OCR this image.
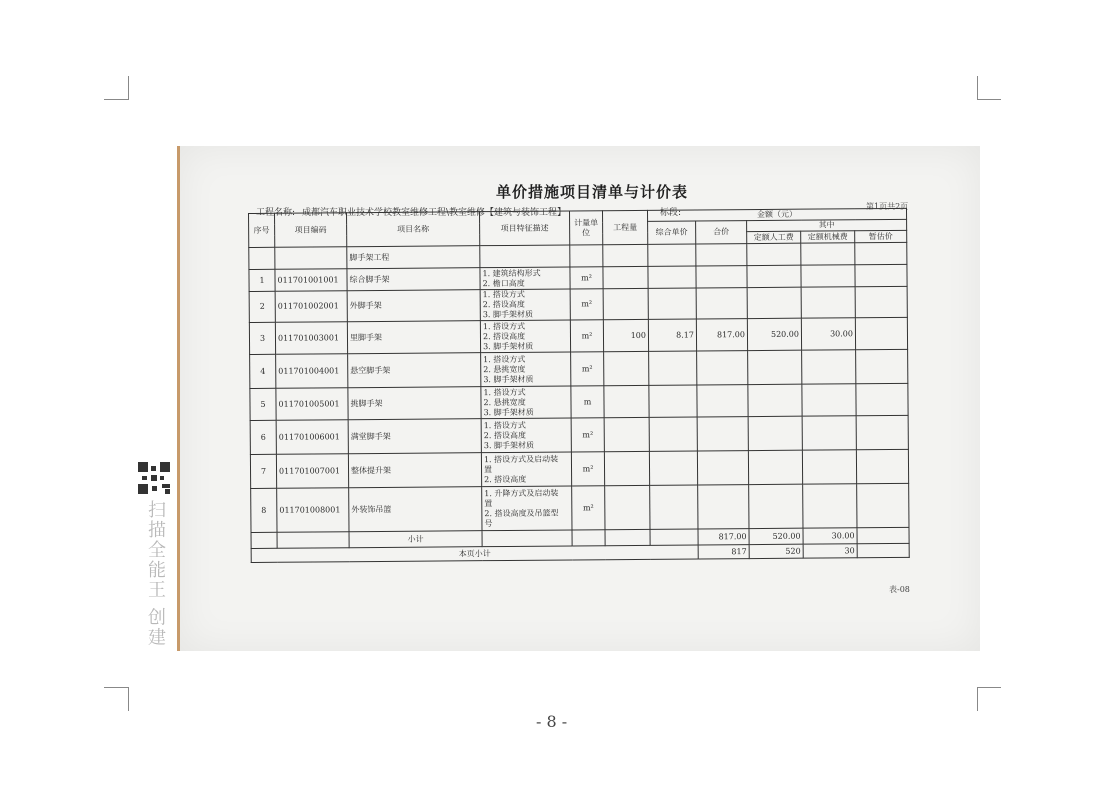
单价措施项目清单与计价表
工程名称: 成都汽车职业技术学校教室维修工程\教室维修【建筑与装饰工程】	标段:
第1页共2页
序号	项目编码	项目名称	项目特征描述	计量单位	工程量	金额（元）				
						综合单价	合价	其中		
								定额人工费	定额机械费	暂估价
		脚手架工程								
1	011701001001	综合脚手架	1. 建筑结构形式
2. 檐口高度	m²						
2	011701002001	外脚手架	1. 搭设方式
2. 搭设高度
3. 脚手架材质	m²						
3	011701003001	里脚手架	1. 搭设方式
2. 搭设高度
3. 脚手架材质	m²	100	8.17	817.00	520.00	30.00	
4	011701004001	悬空脚手架	1. 搭设方式
2. 悬挑宽度
3. 脚手架材质	m²						
5	011701005001	挑脚手架	1. 搭设方式
2. 悬挑宽度
3. 脚手架材质	m						
6	011701006001	满堂脚手架	1. 搭设方式
2. 搭设高度
3. 脚手架材质	m²						
7	011701007001	整体提升架	1. 搭设方式及启动装
置
2. 搭设高度	m²						
8	011701008001	外装饰吊篮	1. 升降方式及启动装
置
2. 搭设高度及吊篮型
号	m²						
		小计					817.00	520.00	30.00	
本页小计							817	520	30	
表-08
扫描全能王 创建
- 8 -
